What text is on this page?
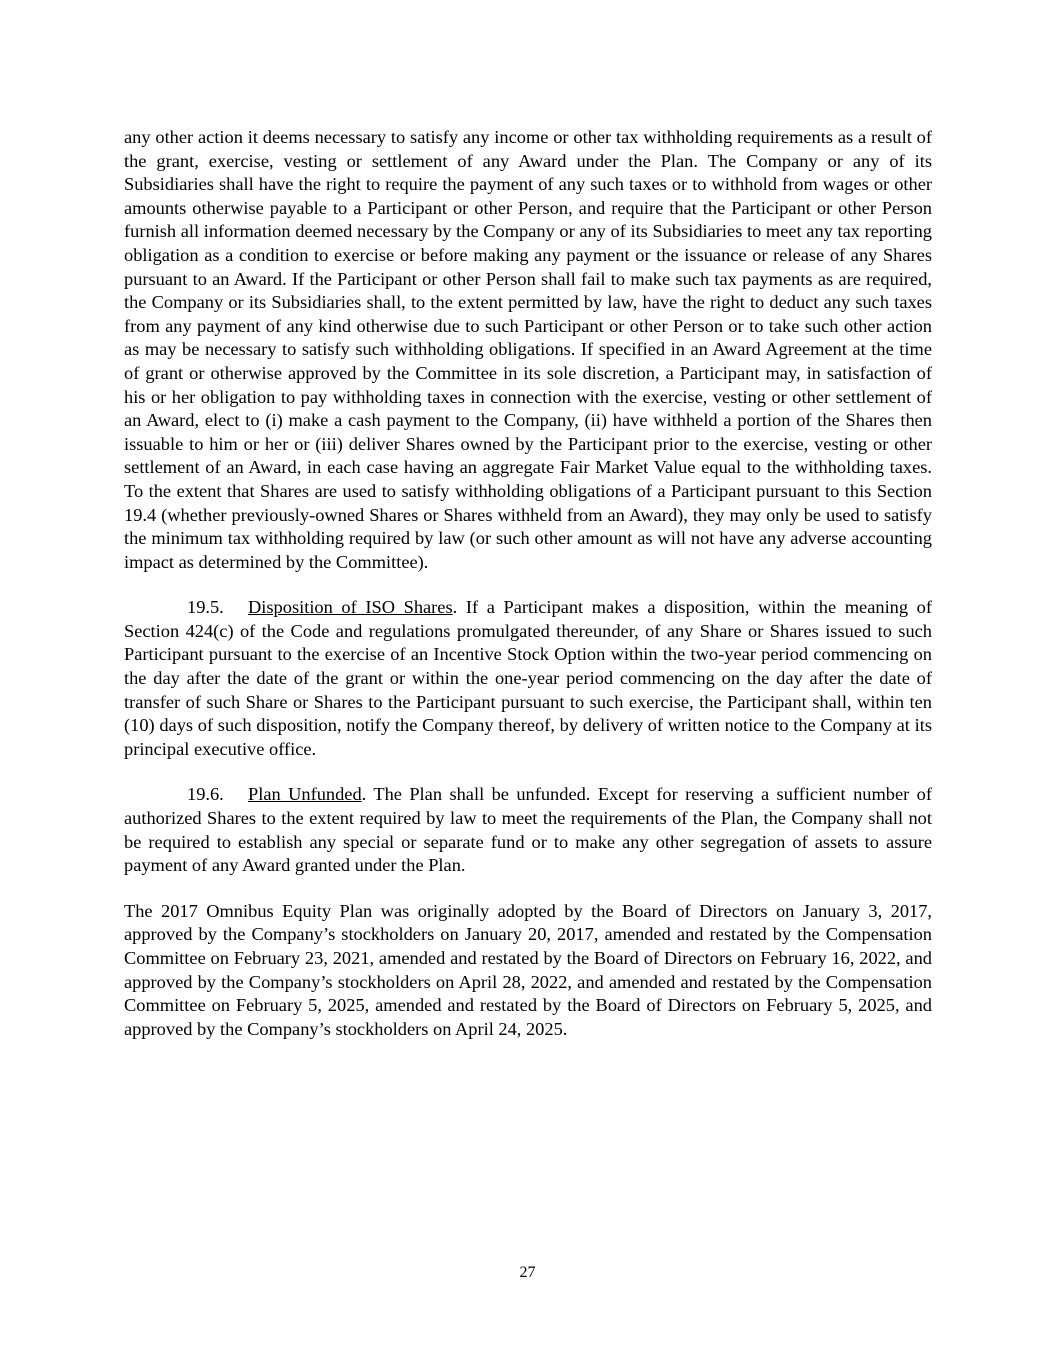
any other action it deems necessary to satisfy any income or other tax withholding requirements as a result of the grant, exercise, vesting or settlement of any Award under the Plan. The Company or any of its Subsidiaries shall have the right to require the payment of any such taxes or to withhold from wages or other amounts otherwise payable to a Participant or other Person, and require that the Participant or other Person furnish all information deemed necessary by the Company or any of its Subsidiaries to meet any tax reporting obligation as a condition to exercise or before making any payment or the issuance or release of any Shares pursuant to an Award. If the Participant or other Person shall fail to make such tax payments as are required, the Company or its Subsidiaries shall, to the extent permitted by law, have the right to deduct any such taxes from any payment of any kind otherwise due to such Participant or other Person or to take such other action as may be necessary to satisfy such withholding obligations. If specified in an Award Agreement at the time of grant or otherwise approved by the Committee in its sole discretion, a Participant may, in satisfaction of his or her obligation to pay withholding taxes in connection with the exercise, vesting or other settlement of an Award, elect to (i) make a cash payment to the Company, (ii) have withheld a portion of the Shares then issuable to him or her or (iii) deliver Shares owned by the Participant prior to the exercise, vesting or other settlement of an Award, in each case having an aggregate Fair Market Value equal to the withholding taxes. To the extent that Shares are used to satisfy withholding obligations of a Participant pursuant to this Section 19.4 (whether previously-owned Shares or Shares withheld from an Award), they may only be used to satisfy the minimum tax withholding required by law (or such other amount as will not have any adverse accounting impact as determined by the Committee).

19.5. Disposition of ISO Shares. If a Participant makes a disposition, within the meaning of Section 424(c) of the Code and regulations promulgated thereunder, of any Share or Shares issued to such Participant pursuant to the exercise of an Incentive Stock Option within the two-year period commencing on the day after the date of the grant or within the one-year period commencing on the day after the date of transfer of such Share or Shares to the Participant pursuant to such exercise, the Participant shall, within ten (10) days of such disposition, notify the Company thereof, by delivery of written notice to the Company at its principal executive office.

19.6. Plan Unfunded. The Plan shall be unfunded. Except for reserving a sufficient number of authorized Shares to the extent required by law to meet the requirements of the Plan, the Company shall not be required to establish any special or separate fund or to make any other segregation of assets to assure payment of any Award granted under the Plan.

The 2017 Omnibus Equity Plan was originally adopted by the Board of Directors on January 3, 2017, approved by the Company’s stockholders on January 20, 2017, amended and restated by the Compensation Committee on February 23, 2021, amended and restated by the Board of Directors on February 16, 2022, and approved by the Company’s stockholders on April 28, 2022, and amended and restated by the Compensation Committee on February 5, 2025, amended and restated by the Board of Directors on February 5, 2025, and approved by the Company’s stockholders on April 24, 2025.

27
